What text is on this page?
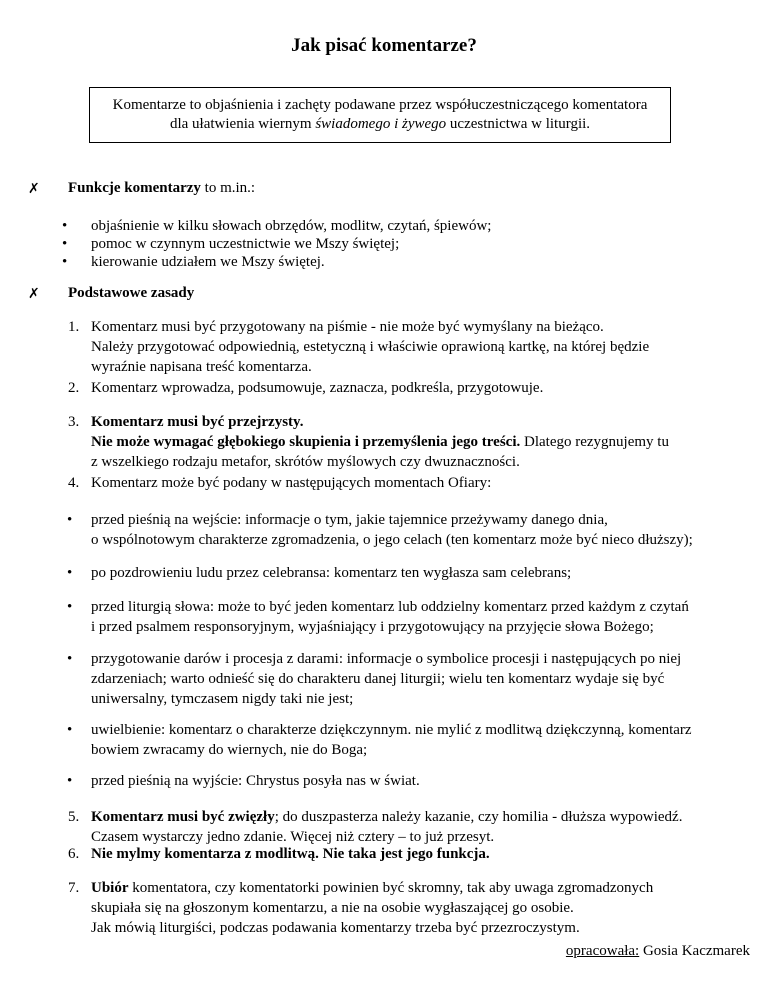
Jak pisać komentarze?
Komentarze to objaśnienia i zachęty podawane przez współuczestniczącego komentatora
dla ułatwienia wiernym świadomego i żywego uczestnictwa w liturgii.
✗ Funkcje komentarzy to m.in.:
• objaśnienie w kilku słowach obrzędów, modlitw, czytań, śpiewów;
• pomoc w czynnym uczestnictwie we Mszy świętej;
• kierowanie udziałem we Mszy świętej.
✗ Podstawowe zasady
1. Komentarz musi być przygotowany na piśmie - nie może być wymyślany na bieżąco.
Należy przygotować odpowiednią, estetyczną i właściwie oprawioną kartkę, na której będzie
wyraźnie napisana treść komentarza.
2. Komentarz wprowadza, podsumowuje, zaznacza, podkreśla, przygotowuje.
3. Komentarz musi być przejrzysty.
Nie może wymagać głębokiego skupienia i przemyślenia jego treści. Dlatego rezygnujemy tu
z wszelkiego rodzaju metafor, skrótów myślowych czy dwuznaczności.
4. Komentarz może być podany w następujących momentach Ofiary:
• przed pieśnią na wejście: informacje o tym, jakie tajemnice przeżywamy danego dnia,
o wspólnotowym charakterze zgromadzenia, o jego celach (ten komentarz może być nieco dłuższy);
• po pozdrowieniu ludu przez celebransa: komentarz ten wygłasza sam celebrans;
• przed liturgią słowa: może to być jeden komentarz lub oddzielny komentarz przed każdym z czytań
i przed psalmem responsoryjnym, wyjaśniający i przygotowujący na przyjęcie słowa Bożego;
• przygotowanie darów i procesja z darami: informacje o symbolice procesji i następujących po niej
zdarzeniach; warto odnieść się do charakteru danej liturgii; wielu ten komentarz wydaje się być
uniwersalny, tymczasem nigdy taki nie jest;
• uwielbienie: komentarz o charakterze dziękczynnym. nie mylić z modlitwą dziękczynną, komentarz
bowiem zwracamy do wiernych, nie do Boga;
• przed pieśnią na wyjście: Chrystus posyła nas w świat.
5. Komentarz musi być zwięzły; do duszpasterza należy kazanie, czy homilia - dłuższa wypowiedź.
Czasem wystarczy jedno zdanie. Więcej niż cztery – to już przesyt.
6. Nie mylmy komentarza z modlitwą. Nie taka jest jego funkcja.
7. Ubiór komentatora, czy komentatorki powinien być skromny, tak aby uwaga zgromadzonych
skupiała się na głoszonym komentarzu, a nie na osobie wygłaszającej go osobie.
Jak mówią liturgiści, podczas podawania komentarzy trzeba być przezroczystym.
opracowała: Gosia Kaczmarek
